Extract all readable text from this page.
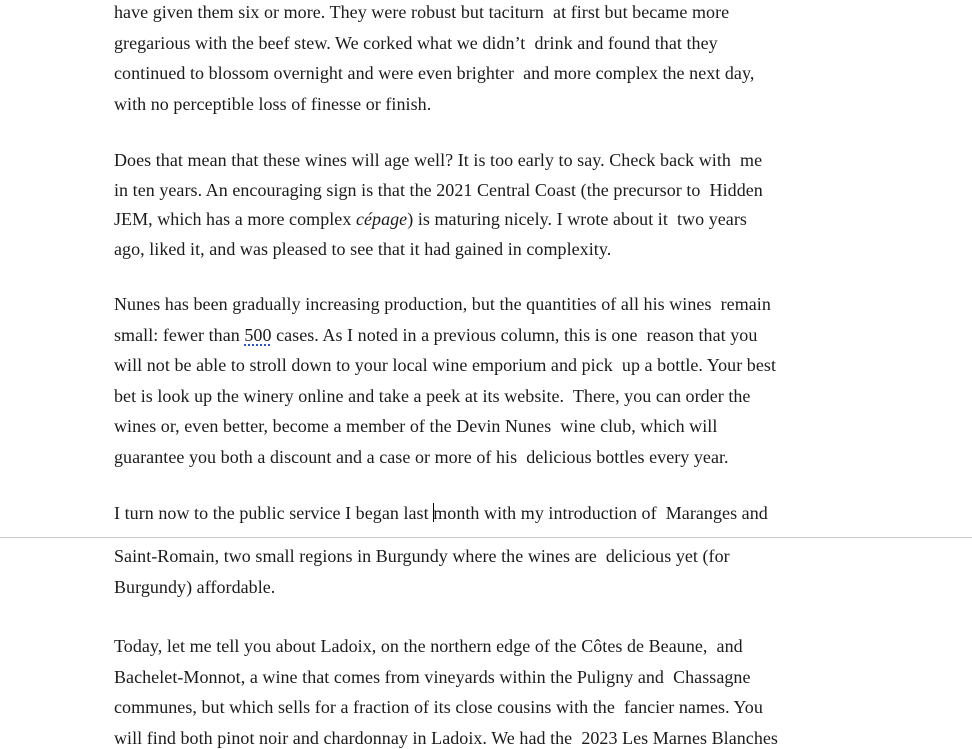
have given them six or more. They were robust but taciturn  at first but became more
gregarious with the beef stew. We corked what we didn’t  drink and found that they
continued to blossom overnight and were even brighter  and more complex the next day,
with no perceptible loss of finesse or finish.
Does that mean that these wines will age well? It is too early to say. Check back with  me
in ten years. An encouraging sign is that the 2021 Central Coast (the precursor to  Hidden
JEM, which has a more complex cépage) is maturing nicely. I wrote about it  two years
ago, liked it, and was pleased to see that it had gained in complexity.
Nunes has been gradually increasing production, but the quantities of all his wines  remain
small: fewer than 500 cases. As I noted in a previous column, this is one  reason that you
will not be able to stroll down to your local wine emporium and pick  up a bottle. Your best
bet is look up the winery online and take a peek at its website.  There, you can order the
wines or, even better, become a member of the Devin Nunes  wine club, which will
guarantee you both a discount and a case or more of his  delicious bottles every year.
I turn now to the public service I began last month with my introduction of  Maranges and
Saint-Romain, two small regions in Burgundy where the wines are  delicious yet (for
Burgundy) affordable.
Today, let me tell you about Ladoix, on the northern edge of the Côtes de Beaune,  and
Bachelet-Monnot, a wine that comes from vineyards within the Puligny and  Chassagne
communes, but which sells for a fraction of its close cousins with the  fancier names. You
will find both pinot noir and chardonnay in Ladoix. We had the  2023 Les Marnes Blanches
